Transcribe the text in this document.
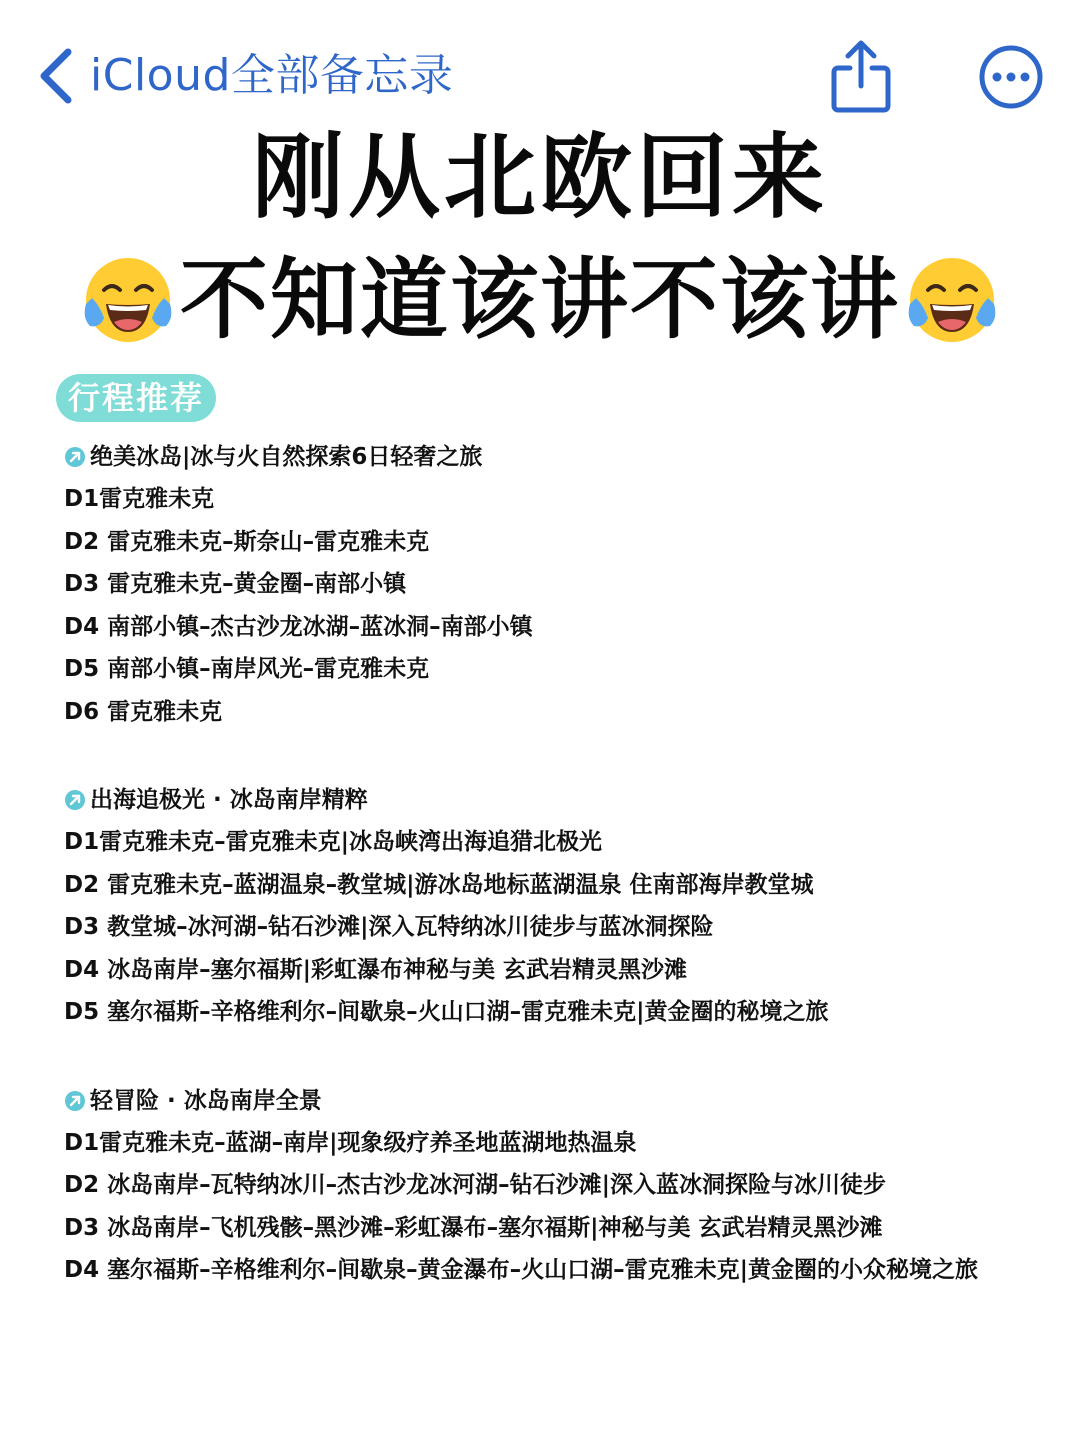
iCloud全部备忘录
刚从北欧回来
不知道该讲不该讲
行程推荐
绝美冰岛|冰与火自然探索6日轻奢之旅
D1雷克雅未克
D2 雷克雅未克–斯奈山–雷克雅未克
D3 雷克雅未克–黄金圈–南部小镇
D4 南部小镇–杰古沙龙冰湖–蓝冰洞–南部小镇
D5 南部小镇–南岸风光–雷克雅未克
D6 雷克雅未克
出海追极光 · 冰岛南岸精粹
D1雷克雅未克–雷克雅未克|冰岛峡湾出海追猎北极光
D2 雷克雅未克–蓝湖温泉–教堂城|游冰岛地标蓝湖温泉 住南部海岸教堂城
D3 教堂城–冰河湖–钻石沙滩|深入瓦特纳冰川徒步与蓝冰洞探险
D4 冰岛南岸–塞尔福斯|彩虹瀑布神秘与美 玄武岩精灵黑沙滩
D5 塞尔福斯–辛格维利尔–间歇泉–火山口湖–雷克雅未克|黄金圈的秘境之旅
轻冒险 · 冰岛南岸全景
D1雷克雅未克–蓝湖–南岸|现象级疗养圣地蓝湖地热温泉
D2 冰岛南岸–瓦特纳冰川–杰古沙龙冰河湖–钻石沙滩|深入蓝冰洞探险与冰川徒步
D3 冰岛南岸–飞机残骸–黑沙滩–彩虹瀑布–塞尔福斯|神秘与美 玄武岩精灵黑沙滩
D4 塞尔福斯–辛格维利尔–间歇泉–黄金瀑布–火山口湖–雷克雅未克|黄金圈的小众秘境之旅
